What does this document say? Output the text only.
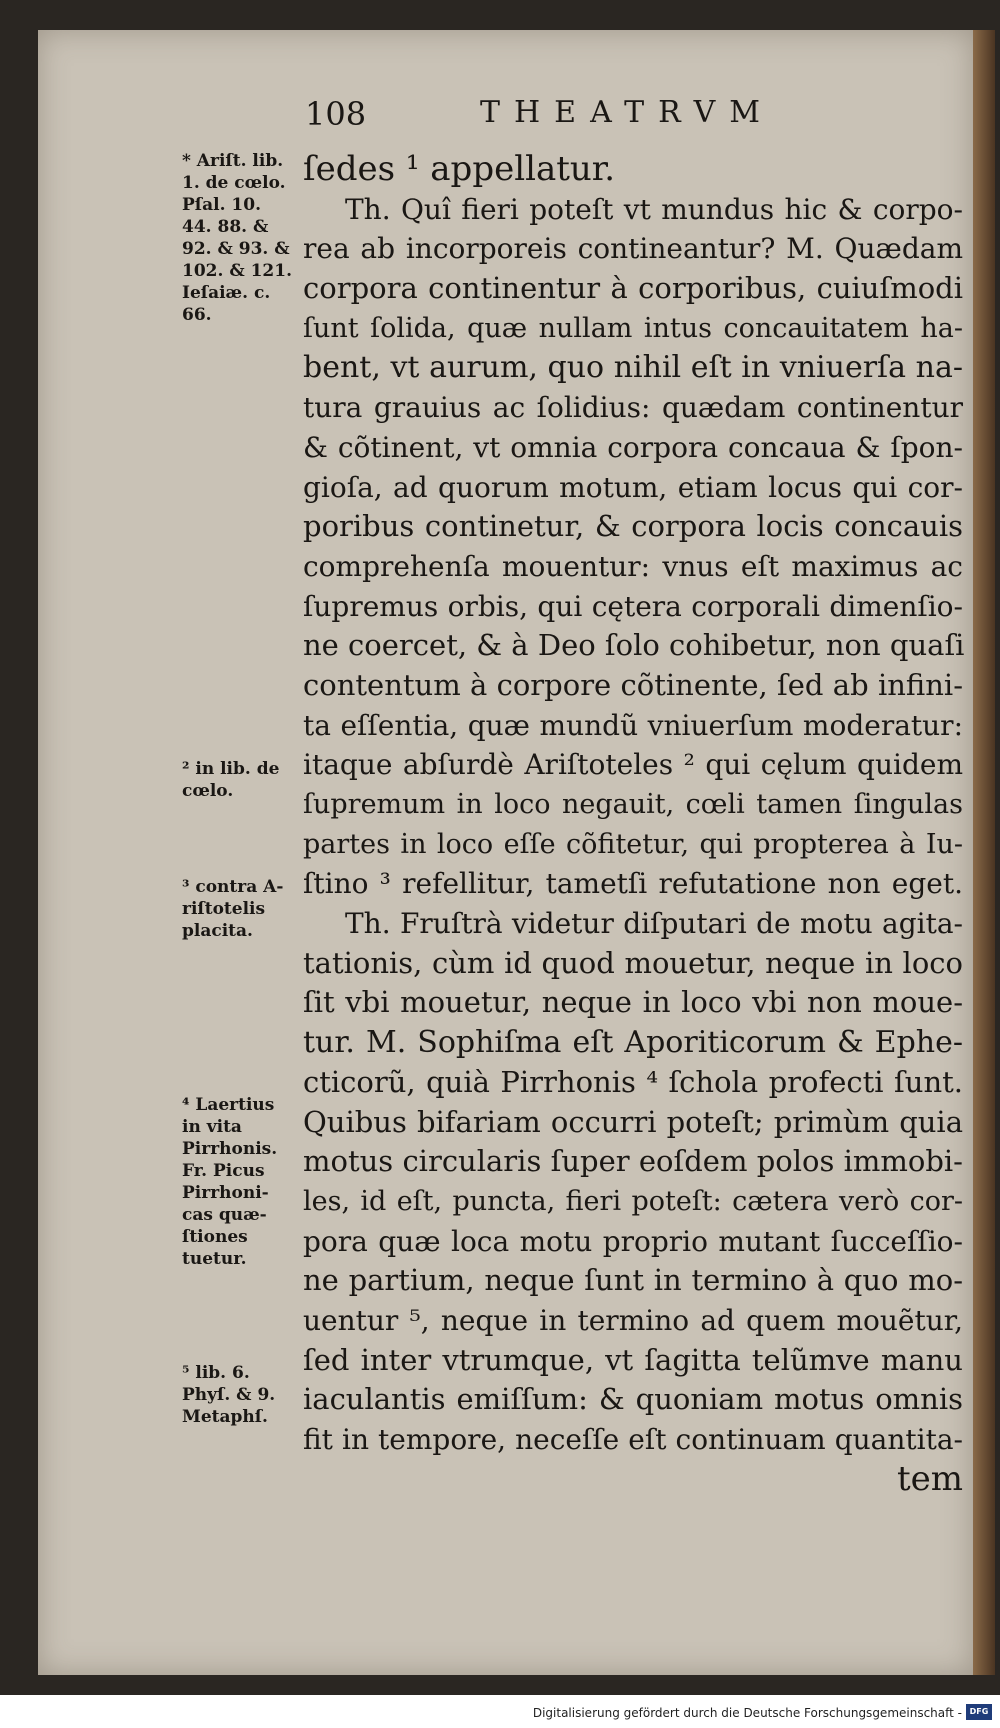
108	THEATRVM
* Ariſt. lib.
1. de cœlo.
Pſal. 10.
44. 88. &
92. & 93. &
102. & 121.
Ieſaiæ. c.
66.
² in lib. de
cœlo.
³ contra A-
riſtotelis
placita.
⁴ Laertius
in vita
Pirrhonis.
Fr. Picus
Pirrhoni-
cas quæ-
ſtiones
tuetur.
⁵ lib. 6.
Phyſ. & 9.
Metaphſ.
ſedes ¹ appellatur.
Th. Quî fieri poteſt vt mundus hic & corpo-
rea ab incorporeis contineantur? M. Quædam
corpora continentur à corporibus, cuiuſmodi
ſunt ſolida, quæ nullam intus concauitatem ha-
bent, vt aurum, quo nihil eſt in vniuerſa na-
tura grauius ac ſolidius: quædam continentur
& cõtinent, vt omnia corpora concaua & ſpon-
gioſa, ad quorum motum, etiam locus qui cor-
poribus continetur, & corpora locis concauis
comprehenſa mouentur: vnus eſt maximus ac
ſupremus orbis, qui cętera corporali dimenſio-
ne coercet, & à Deo ſolo cohibetur, non quaſi
contentum à corpore cõtinente, ſed ab infini-
ta eſſentia, quæ mundũ vniuerſum moderatur:
itaque abſurdè Ariſtoteles ² qui cęlum quidem
ſupremum in loco negauit, cœli tamen ſingulas
partes in loco eſſe cõfitetur, qui propterea à Iu-
ſtino ³ refellitur, tametſi refutatione non eget.
Th. Fruſtrà videtur diſputari de motu agita-
tationis, cùm id quod mouetur, neque in loco
ſit vbi mouetur, neque in loco vbi non moue-
tur. M. Sophiſma eſt Aporiticorum & Ephe-
cticorũ, quià Pirrhonis ⁴ ſchola profecti ſunt.
Quibus bifariam occurri poteſt; primùm quia
motus circularis ſuper eoſdem polos immobi-
les, id eſt, puncta, fieri poteſt: cætera verò cor-
pora quæ loca motu proprio mutant ſucceſſio-
ne partium, neque ſunt in termino à quo mo-
uentur ⁵, neque in termino ad quem mouẽtur,
ſed inter vtrumque, vt ſagitta telũmve manu
iaculantis emiſſum: & quoniam motus omnis
fit in tempore, neceſſe eſt continuam quantita-
tem
Digitalisierung gefördert durch die Deutsche Forschungsgemeinschaft - DFG
